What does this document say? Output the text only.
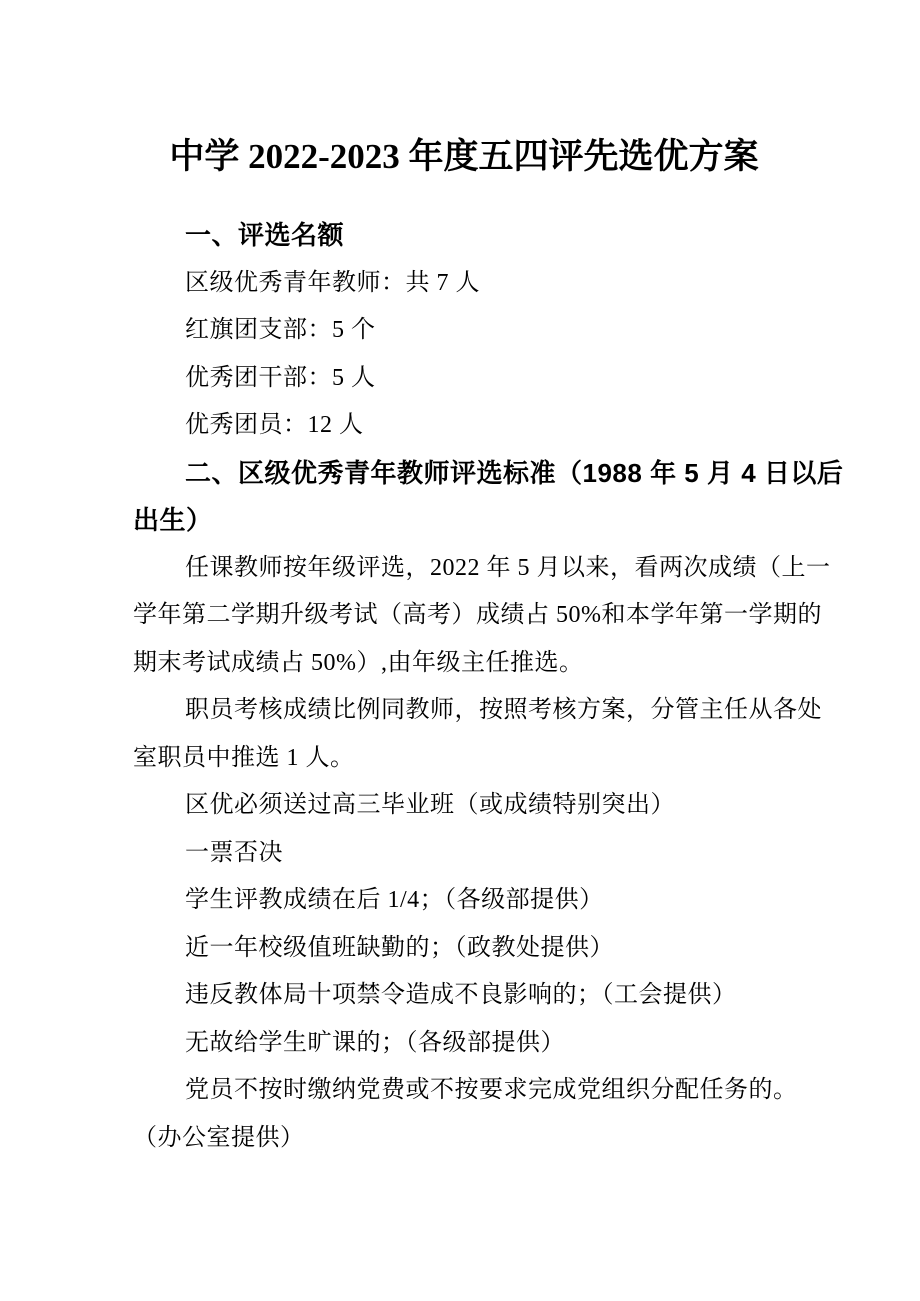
中学 2022-2023 年度五四评先选优方案
一、评选名额
区级优秀青年教师：共 7 人
红旗团支部：5 个
优秀团干部：5 人
优秀团员：12 人
二、区级优秀青年教师评选标准（1988 年 5 月 4 日以后
出生）
任课教师按年级评选，2022 年 5 月以来，看两次成绩（上一
学年第二学期升级考试（高考）成绩占 50%和本学年第一学期的
期末考试成绩占 50%）,由年级主任推选。
职员考核成绩比例同教师，按照考核方案，分管主任从各处
室职员中推选 1 人。
区优必须送过高三毕业班（或成绩特别突出）
一票否决
学生评教成绩在后 1/4；（各级部提供）
近一年校级值班缺勤的；（政教处提供）
违反教体局十项禁令造成不良影响的；（工会提供）
无故给学生旷课的；（各级部提供）
党员不按时缴纳党费或不按要求完成党组织分配任务的。
（办公室提供）
